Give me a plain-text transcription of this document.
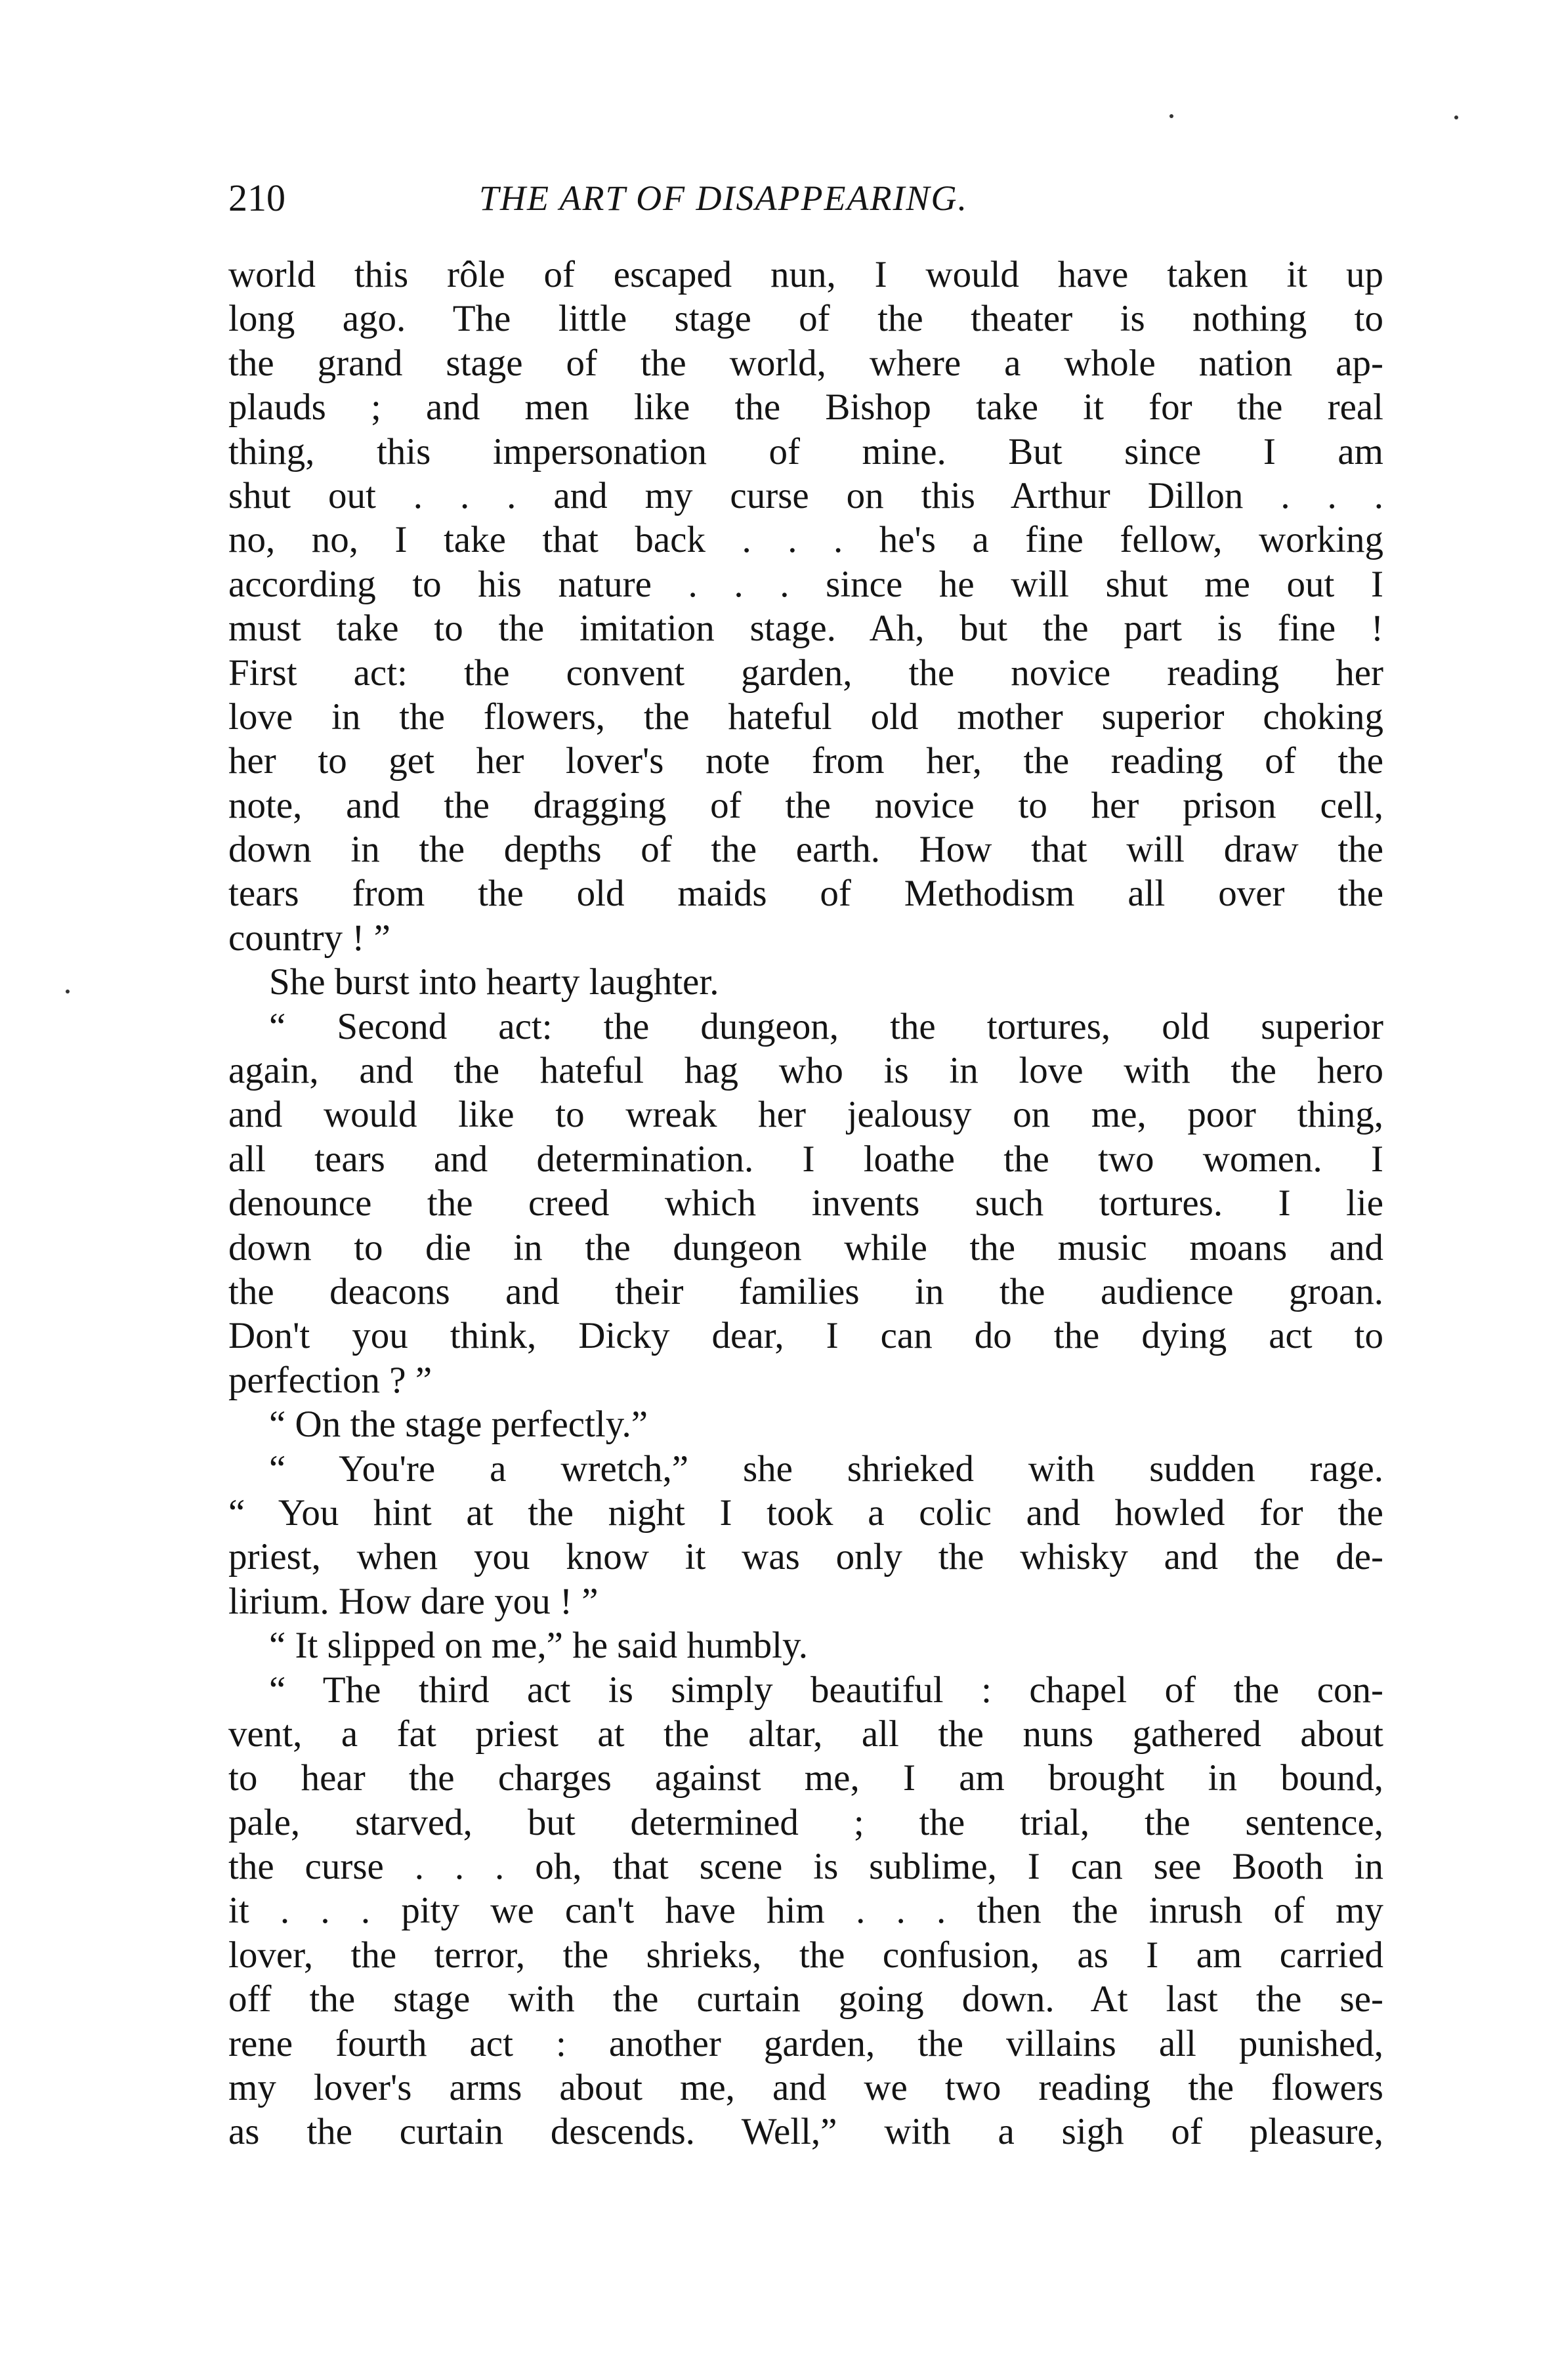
210	THE ART OF DISAPPEARING.
world this rôle of escaped nun, I would have taken it up
long ago. The little stage of the theater is nothing to
the grand stage of the world, where a whole nation ap-
plauds ; and men like the Bishop take it for the real
thing, this impersonation of mine. But since I am
shut out . . . and my curse on this Arthur Dillon . . .
no, no, I take that back . . . he's a fine fellow, working
according to his nature . . . since he will shut me out I
must take to the imitation stage. Ah, but the part is fine !
First act: the convent garden, the novice reading her
love in the flowers, the hateful old mother superior choking
her to get her lover's note from her, the reading of the
note, and the dragging of the novice to her prison cell,
down in the depths of the earth. How that will draw the
tears from the old maids of Methodism all over the
country ! ”
She burst into hearty laughter.
“ Second act: the dungeon, the tortures, old superior
again, and the hateful hag who is in love with the hero
and would like to wreak her jealousy on me, poor thing,
all tears and determination. I loathe the two women. I
denounce the creed which invents such tortures. I lie
down to die in the dungeon while the music moans and
the deacons and their families in the audience groan.
Don't you think, Dicky dear, I can do the dying act to
perfection ? ”
“ On the stage perfectly.”
“ You're a wretch,” she shrieked with sudden rage.
“ You hint at the night I took a colic and howled for the
priest, when you know it was only the whisky and the de-
lirium. How dare you ! ”
“ It slipped on me,” he said humbly.
“ The third act is simply beautiful : chapel of the con-
vent, a fat priest at the altar, all the nuns gathered about
to hear the charges against me, I am brought in bound,
pale, starved, but determined ; the trial, the sentence,
the curse . . . oh, that scene is sublime, I can see Booth in
it . . . pity we can't have him . . . then the inrush of my
lover, the terror, the shrieks, the confusion, as I am carried
off the stage with the curtain going down. At last the se-
rene fourth act : another garden, the villains all punished,
my lover's arms about me, and we two reading the flowers
as the curtain descends. Well,” with a sigh of pleasure,
